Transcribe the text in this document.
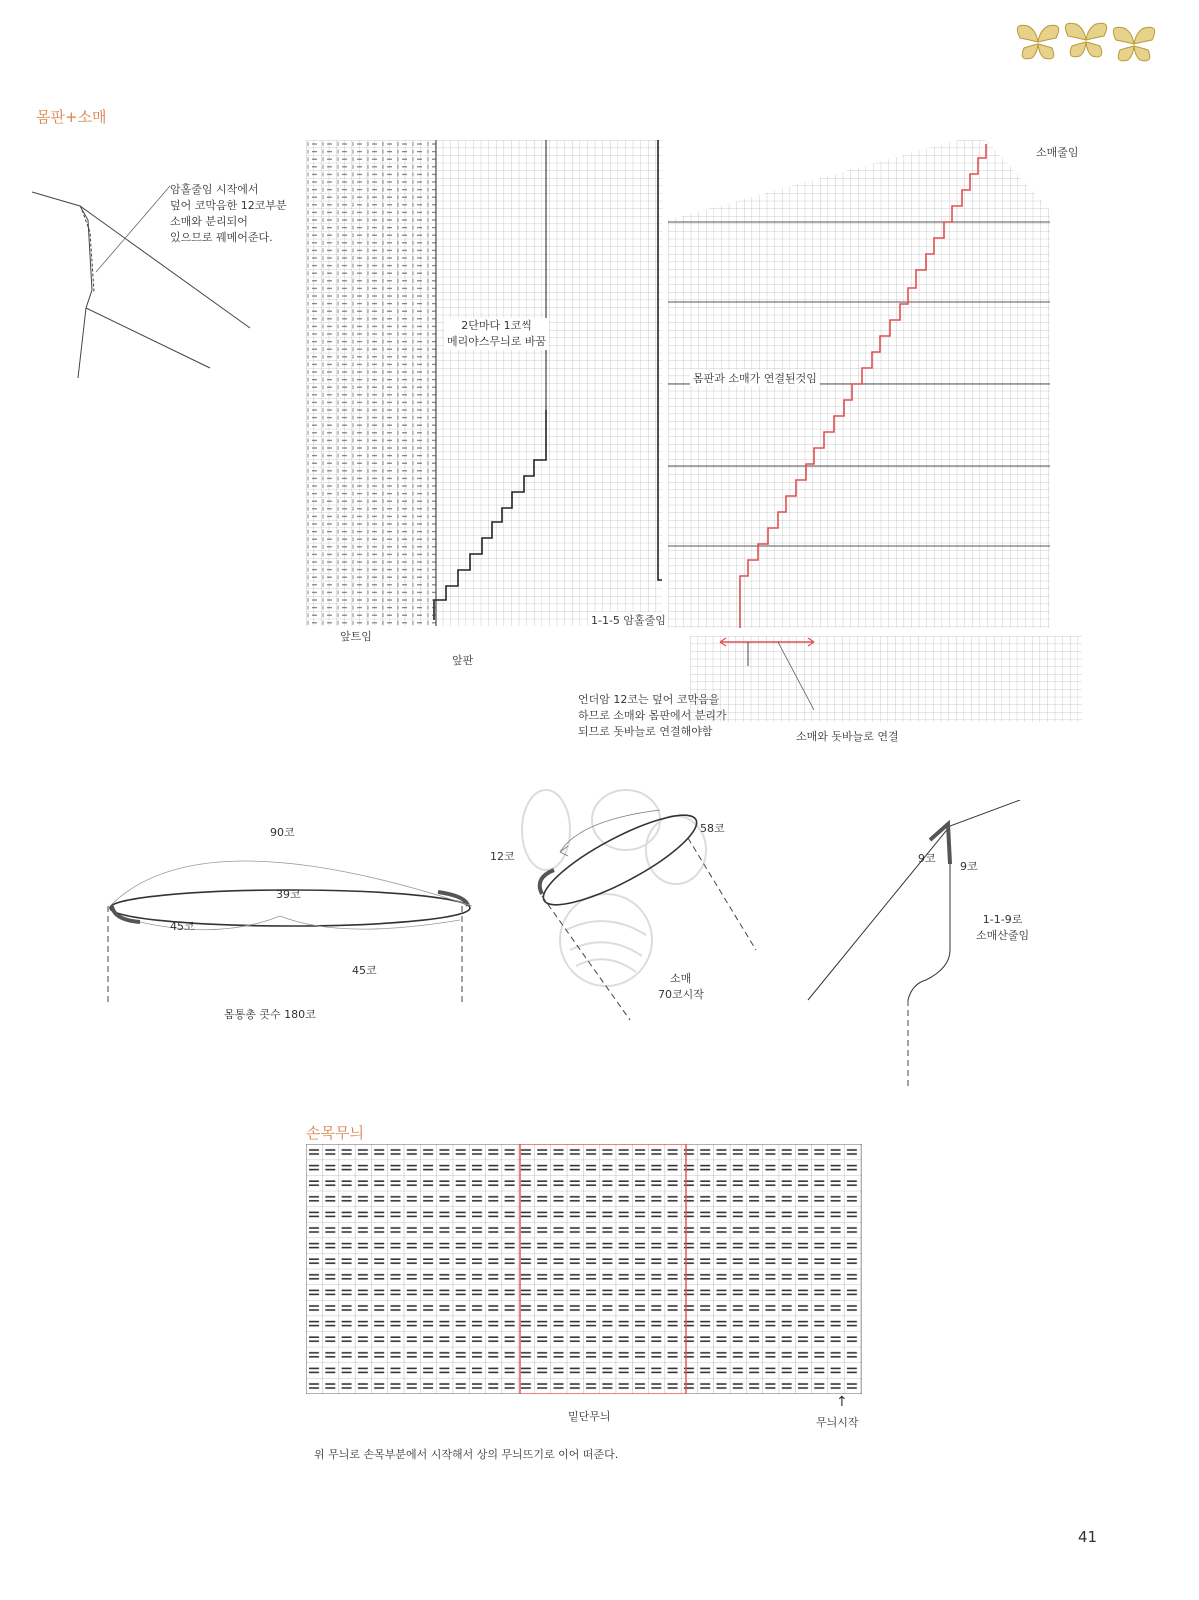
몸판+소매
암홀줄임 시작에서
덮어 코막음한 12코부분
소매와 분리되어
있으므로 꿰메어준다.
2단마다 1코씩
메리야스무늬로 바꿈
앞트임
앞판
1-1-5 암홀줄임
소매줄임
몸판과 소매가 연결된것임
언더암 12코는 덮어 코막음을
하므로 소매와 몸판에서 분리가
되므로 돗바늘로 연결해야함	소매와 돗바늘로 연결
90코
39코
45코
45코
몸통총 콧수 180코
12코
58코
소매
70코시작
9코
9코
1-1-9로
소매산줄임
손목무늬
밑단무늬
↑
무늬시작
위 무늬로 손목부분에서 시작해서 상의 무늬뜨기로 이어 떠준다.
41
